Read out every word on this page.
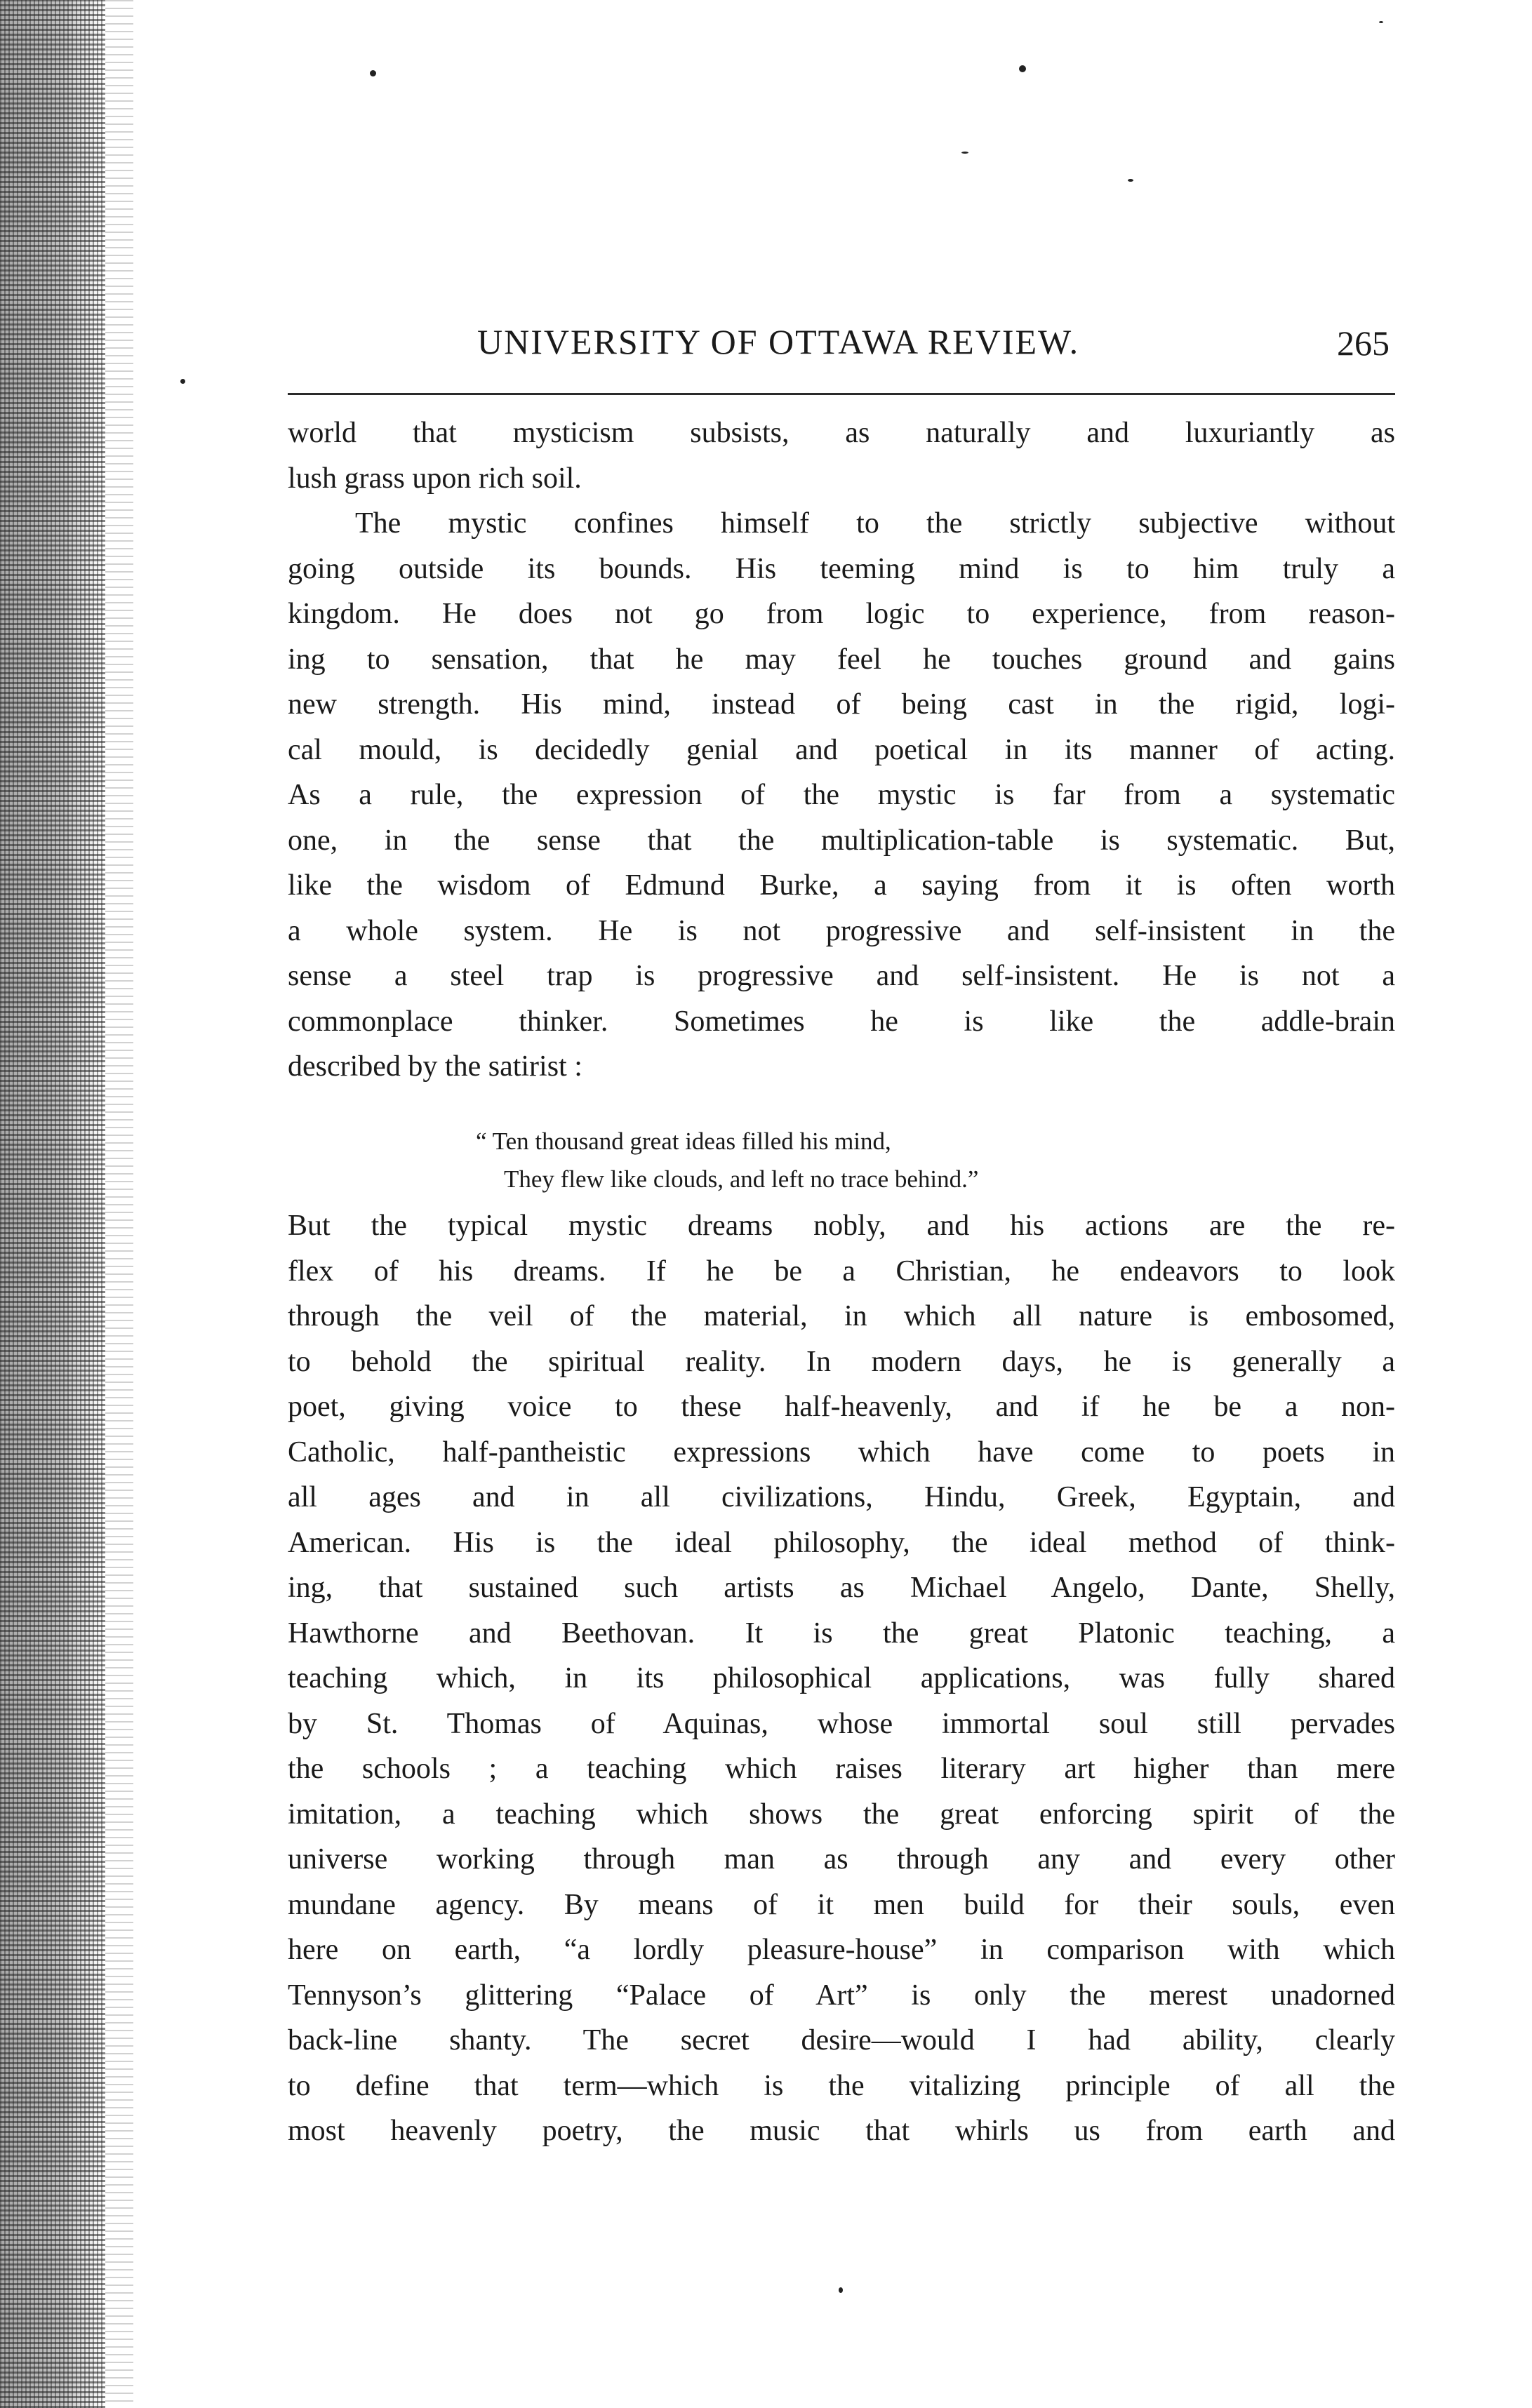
UNIVERSITY OF OTTAWA REVIEW.	265
world that mysticism subsists, as naturally and luxuriantly as
lush grass upon rich soil.
The mystic confines himself to the strictly subjective without
going outside its bounds. His teeming mind is to him truly a
kingdom. He does not go from logic to experience, from reason-
ing to sensation, that he may feel he touches ground and gains
new strength. His mind, instead of being cast in the rigid, logi-
cal mould, is decidedly genial and poetical in its manner of acting.
As a rule, the expression of the mystic is far from a systematic
one, in the sense that the multiplication-table is systematic. But,
like the wisdom of Edmund Burke, a saying from it is often worth
a whole system. He is not progressive and self-insistent in the
sense a steel trap is progressive and self-insistent. He is not a
commonplace thinker. Sometimes he is like the addle-brain
described by the satirist :
“ Ten thousand great ideas filled his mind,
They flew like clouds, and left no trace behind.”
But the typical mystic dreams nobly, and his actions are the re-
flex of his dreams. If he be a Christian, he endeavors to look
through the veil of the material, in which all nature is embosomed,
to behold the spiritual reality. In modern days, he is generally a
poet, giving voice to these half-heavenly, and if he be a non-
Catholic, half-pantheistic expressions which have come to poets in
all ages and in all civilizations, Hindu, Greek, Egyptain, and
American. His is the ideal philosophy, the ideal method of think-
ing, that sustained such artists as Michael Angelo, Dante, Shelly,
Hawthorne and Beethovan. It is the great Platonic teaching, a
teaching which, in its philosophical applications, was fully shared
by St. Thomas of Aquinas, whose immortal soul still pervades
the schools ; a teaching which raises literary art higher than mere
imitation, a teaching which shows the great enforcing spirit of the
universe working through man as through any and every other
mundane agency. By means of it men build for their souls, even
here on earth, “a lordly pleasure-house” in comparison with which
Tennyson’s glittering “Palace of Art” is only the merest unadorned
back-line shanty. The secret desire—would I had ability, clearly
to define that term—which is the vitalizing principle of all the
most heavenly poetry, the music that whirls us from earth and
